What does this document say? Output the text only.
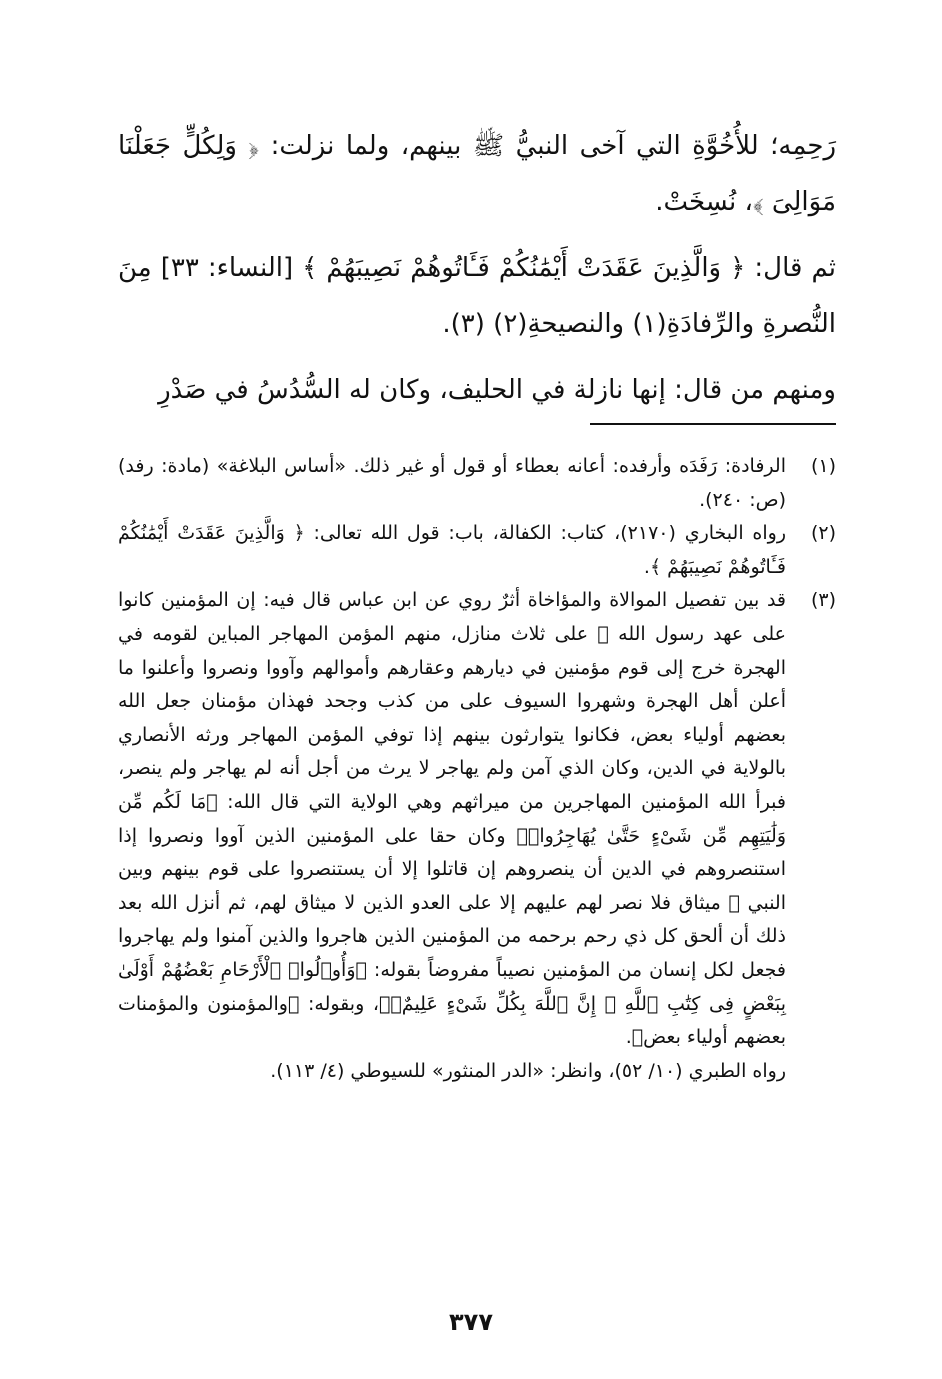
رَحِمِه؛ للأُخُوَّةِ التي آخى النبيُّ ﷺ بينهم، ولما نزلت: ﴿ وَلِكُلٍّ جَعَلْنَا مَوَالِىَ ﴾، نُسِخَتْ.

ثم قال: ﴿ وَالَّذِينَ عَقَدَتْ أَيْمَٰنُكُمْ فَـَٔاتُوهُمْ نَصِيبَهُمْ ﴾ [النساء: ٣٣] مِنَ النُّصرةِ والرِّفادَةِ(١) والنصيحةِ(٢) (٣).

ومنهم من قال: إنها نازلة في الحليف، وكان له السُّدُسُ في صَدْرِ

(١)
الرفادة: رَفَدَه وأرفده: أعانه بعطاء أو قول أو غير ذلك. «أساس البلاغة» (مادة: رفد) (ص: ٢٤٠).
(٢)
رواه البخاري (٢١٧٠)، كتاب: الكفالة، باب: قول الله تعالى: ﴿ وَالَّذِينَ عَقَدَتْ أَيْمَٰنُكُمْ فَـَٔاتُوهُمْ نَصِيبَهُمْ ﴾.
(٣)
قد بين تفصيل الموالاة والمؤاخاة أثرٌ روي عن ابن عباس قال فيه: إن المؤمنين كانوا على عهد رسول الله ﷺ على ثلاث منازل، منهم المؤمن المهاجر المباين لقومه في الهجرة خرج إلى قوم مؤمنين في ديارهم وعقارهم وأموالهم وآووا ونصروا وأعلنوا ما أعلن أهل الهجرة وشهروا السيوف على من كذب وجحد فهذان مؤمنان جعل الله بعضهم أولياء بعض، فكانوا يتوارثون بينهم إذا توفي المؤمن المهاجر ورثه الأنصاري بالولاية في الدين، وكان الذي آمن ولم يهاجر لا يرث من أجل أنه لم يهاجر ولم ينصر، فبرأ الله المؤمنين المهاجرين من ميراثهم وهي الولاية التي قال الله: ﴿مَا لَكُم مِّن وَلَٰيَتِهِم مِّن شَىْءٍ حَتَّىٰ يُهَاجِرُوا۟﴾ وكان حقا على المؤمنين الذين آووا ونصروا إذا استنصروهم في الدين أن ينصروهم إن قاتلوا إلا أن يستنصروا على قوم بينهم وبين النبي ﷺ ميثاق فلا نصر لهم عليهم إلا على العدو الذين لا ميثاق لهم، ثم أنزل الله بعد ذلك أن ألحق كل ذي رحم برحمه من المؤمنين الذين هاجروا والذين آمنوا ولم يهاجروا فجعل لكل إنسان من المؤمنين نصيباً مفروضاً بقوله: ﴿وَأُو۟لُوا۟ ٱلْأَرْحَامِ بَعْضُهُمْ أَوْلَىٰ بِبَعْضٍ فِى كِتَٰبِ ٱللَّهِ ۗ إِنَّ ٱللَّهَ بِكُلِّ شَىْءٍ عَلِيمٌۢ﴾، وبقوله: ﴿والمؤمنون والمؤمنات بعضهم أولياء بعض﴾.
رواه الطبري (١٠/ ٥٢)، وانظر: «الدر المنثور» للسيوطي (٤/ ١١٣).
٣٧٧
